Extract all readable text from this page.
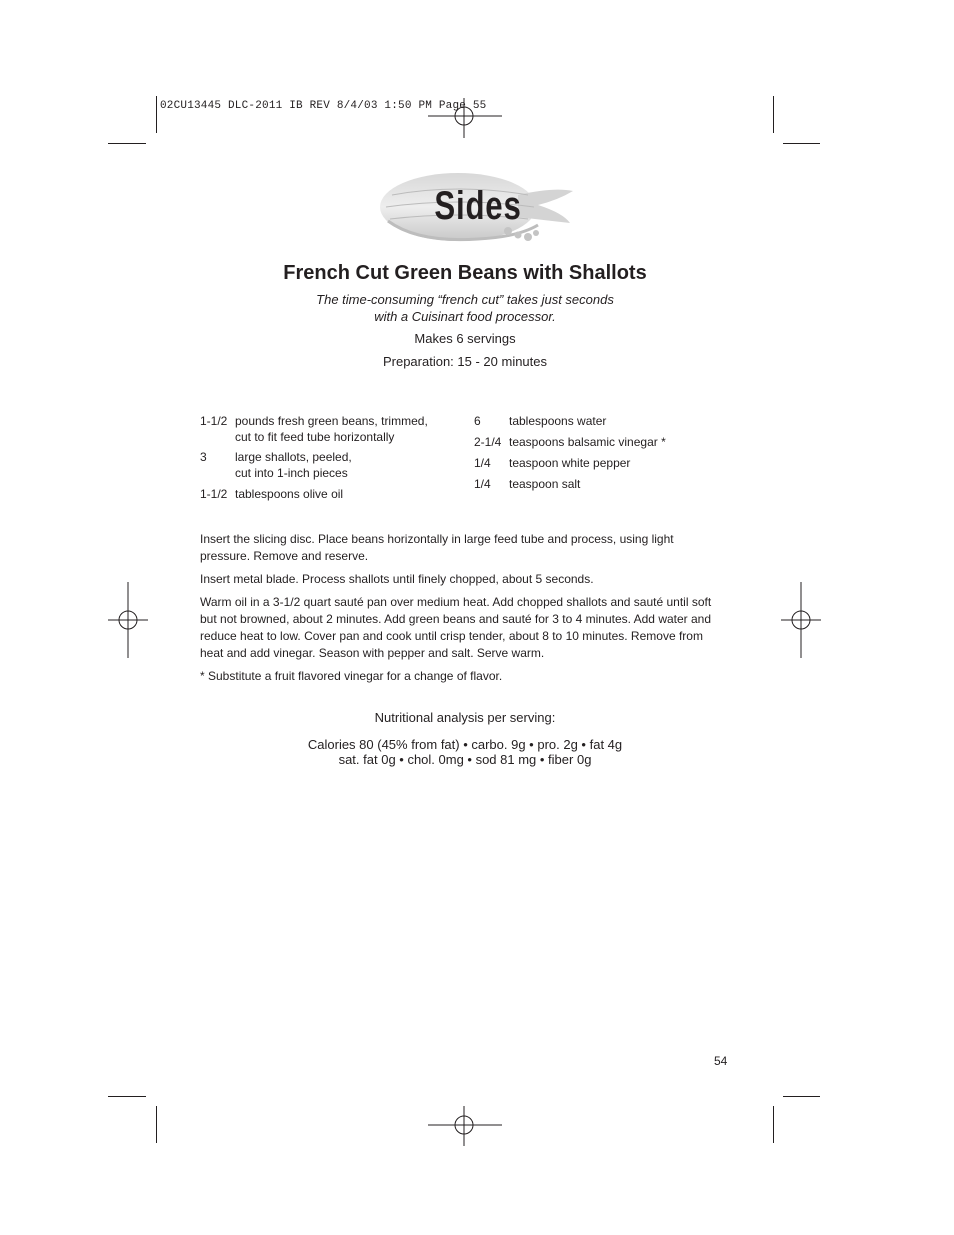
02CU13445 DLC-2011 IB REV 8/4/03 1:50 PM Page 55
Sides
French Cut Green Beans with Shallots
The time-consuming “french cut” takes just seconds
with a Cuisinart food processor.
Makes 6 servings
Preparation: 15 - 20 minutes
1-1/2 pounds fresh green beans, trimmed,
cut to fit feed tube horizontally
3 large shallots, peeled,
cut into 1-inch pieces
1-1/2 tablespoons olive oil
6 tablespoons water
2-1/4 teaspoons balsamic vinegar *
1/4 teaspoon white pepper
1/4 teaspoon salt

Insert the slicing disc. Place beans horizontally in large feed tube and process, using light pressure. Remove and reserve.

Insert metal blade. Process shallots until finely chopped, about 5 seconds.

Warm oil in a 3-1/2 quart sauté pan over medium heat. Add chopped shallots and sauté until soft but not browned, about 2 minutes. Add green beans and sauté for 3 to 4 minutes. Add water and reduce heat to low. Cover pan and cook until crisp tender, about 8 to 10 minutes. Remove from heat and add vinegar. Season with pepper and salt. Serve warm.

* Substitute a fruit flavored vinegar for a change of flavor.

Nutritional analysis per serving:
Calories 80 (45% from fat) • carbo. 9g • pro. 2g • fat 4g
sat. fat 0g • chol. 0mg • sod 81 mg • fiber 0g
54
